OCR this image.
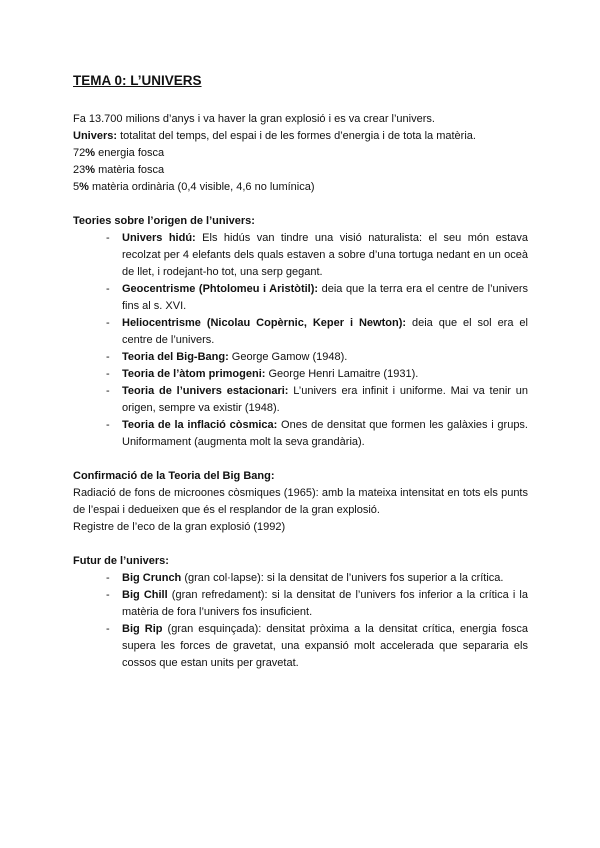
TEMA 0: L’UNIVERS

Fa 13.700 milions d’anys i va haver la gran explosió i es va crear l’univers.

Univers: totalitat del temps, del espai i de les formes d’energia i de tota la matèria.

72% energia fosca

23% matèria fosca

5% matèria ordinària (0,4 visible, 4,6 no lumínica)

Teories sobre l’origen de l’univers:

- Univers hidú: Els hidús van tindre una visió naturalista: el seu món estava recolzat per 4 elefants dels quals estaven a sobre d’una tortuga nedant en un oceà de llet, i rodejant-ho tot, una serp gegant.
- Geocentrisme (Phtolomeu i Aristòtil): deia que la terra era el centre de l’univers fins al s. XVI.
- Heliocentrisme (Nicolau Copèrnic, Keper i Newton): deia que el sol era el centre de l’univers.
- Teoria del Big-Bang: George Gamow (1948).
- Teoria de l’àtom primogeni: George Henri Lamaitre (1931).
- Teoria de l’univers estacionari: L’univers era infinit i uniforme. Mai va tenir un origen, sempre va existir (1948).
- Teoria de la inflació còsmica: Ones de densitat que formen les galàxies i grups. Uniformament (augmenta molt la seva grandària).

Confirmació de la Teoria del Big Bang:

Radiació de fons de microones còsmiques (1965): amb la mateixa intensitat en tots els punts de l’espai i dedueixen que és el resplandor de la gran explosió.

Registre de l’eco de la gran explosió (1992)

Futur de l’univers:

- Big Crunch (gran col·lapse): si la densitat de l’univers fos superior a la crítica.
- Big Chill (gran refredament): si la densitat de l’univers fos inferior a la crítica i la matèria de fora l’univers fos insuficient.
- Big Rip (gran esquinçada): densitat pròxima a la densitat crítica, energia fosca supera les forces de gravetat, una expansió molt accelerada que separaria els cossos que estan units per gravetat.
